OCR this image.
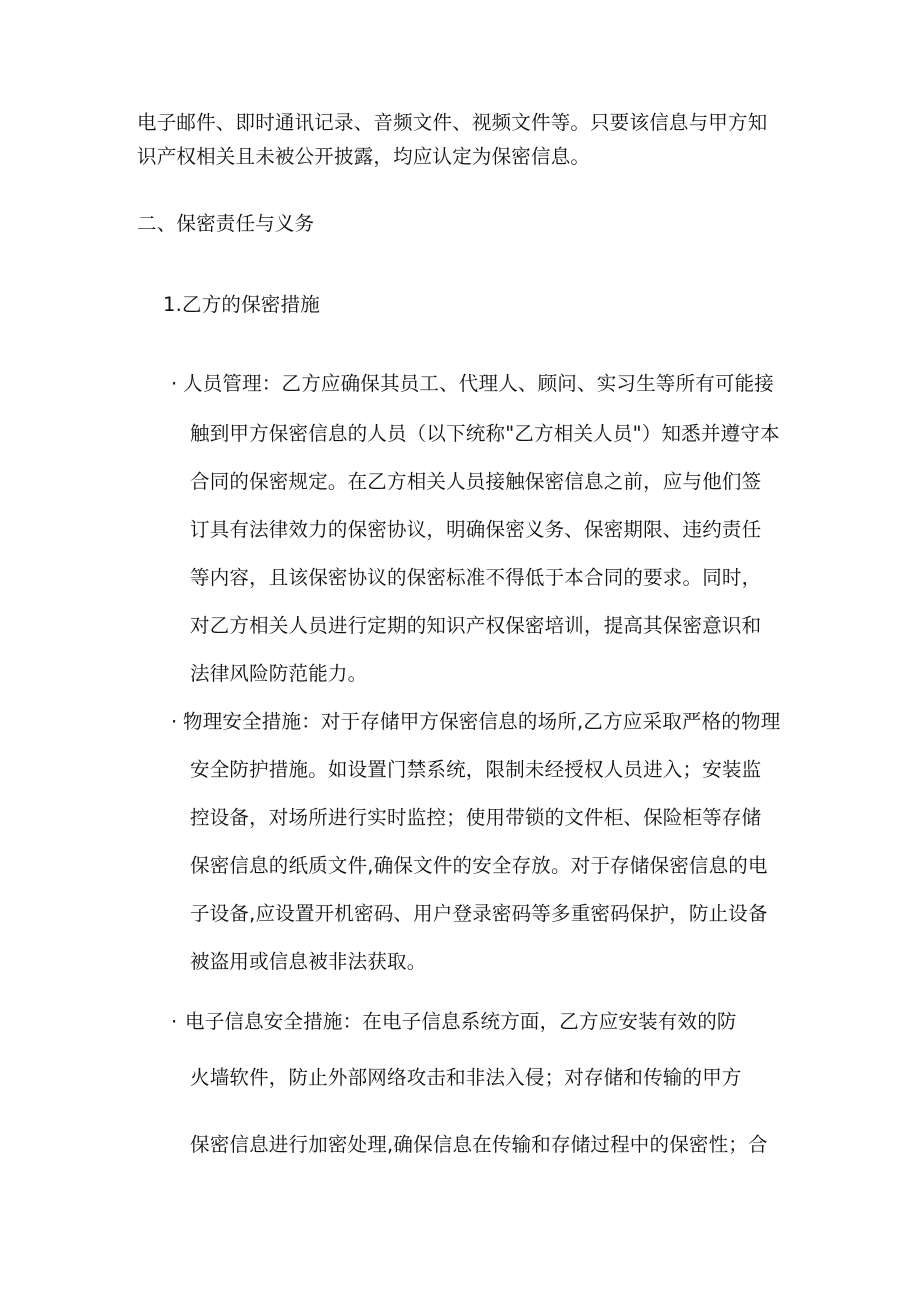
电子邮件、即时通讯记录、音频文件、视频文件等。只要该信息与甲方知
识产权相关且未被公开披露，均应认定为保密信息。
二、保密责任与义务
1.乙方的保密措施
· 人员管理：乙方应确保其员工、代理人、顾问、实习生等所有可能接
触到甲方保密信息的人员（以下统称"乙方相关人员"）知悉并遵守本
合同的保密规定。在乙方相关人员接触保密信息之前，应与他们签
订具有法律效力的保密协议，明确保密义务、保密期限、违约责任
等内容，且该保密协议的保密标准不得低于本合同的要求。同时，
对乙方相关人员进行定期的知识产权保密培训，提高其保密意识和
法律风险防范能力。
· 物理安全措施：对于存储甲方保密信息的场所,乙方应采取严格的物理
安全防护措施。如设置门禁系统，限制未经授权人员进入；安装监
控设备，对场所进行实时监控；使用带锁的文件柜、保险柜等存储
保密信息的纸质文件,确保文件的安全存放。对于存储保密信息的电
子设备,应设置开机密码、用户登录密码等多重密码保护，防止设备
被盗用或信息被非法获取。
· 电子信息安全措施：在电子信息系统方面，乙方应安装有效的防
火墙软件，防止外部网络攻击和非法入侵；对存储和传输的甲方
保密信息进行加密处理,确保信息在传输和存储过程中的保密性；合
